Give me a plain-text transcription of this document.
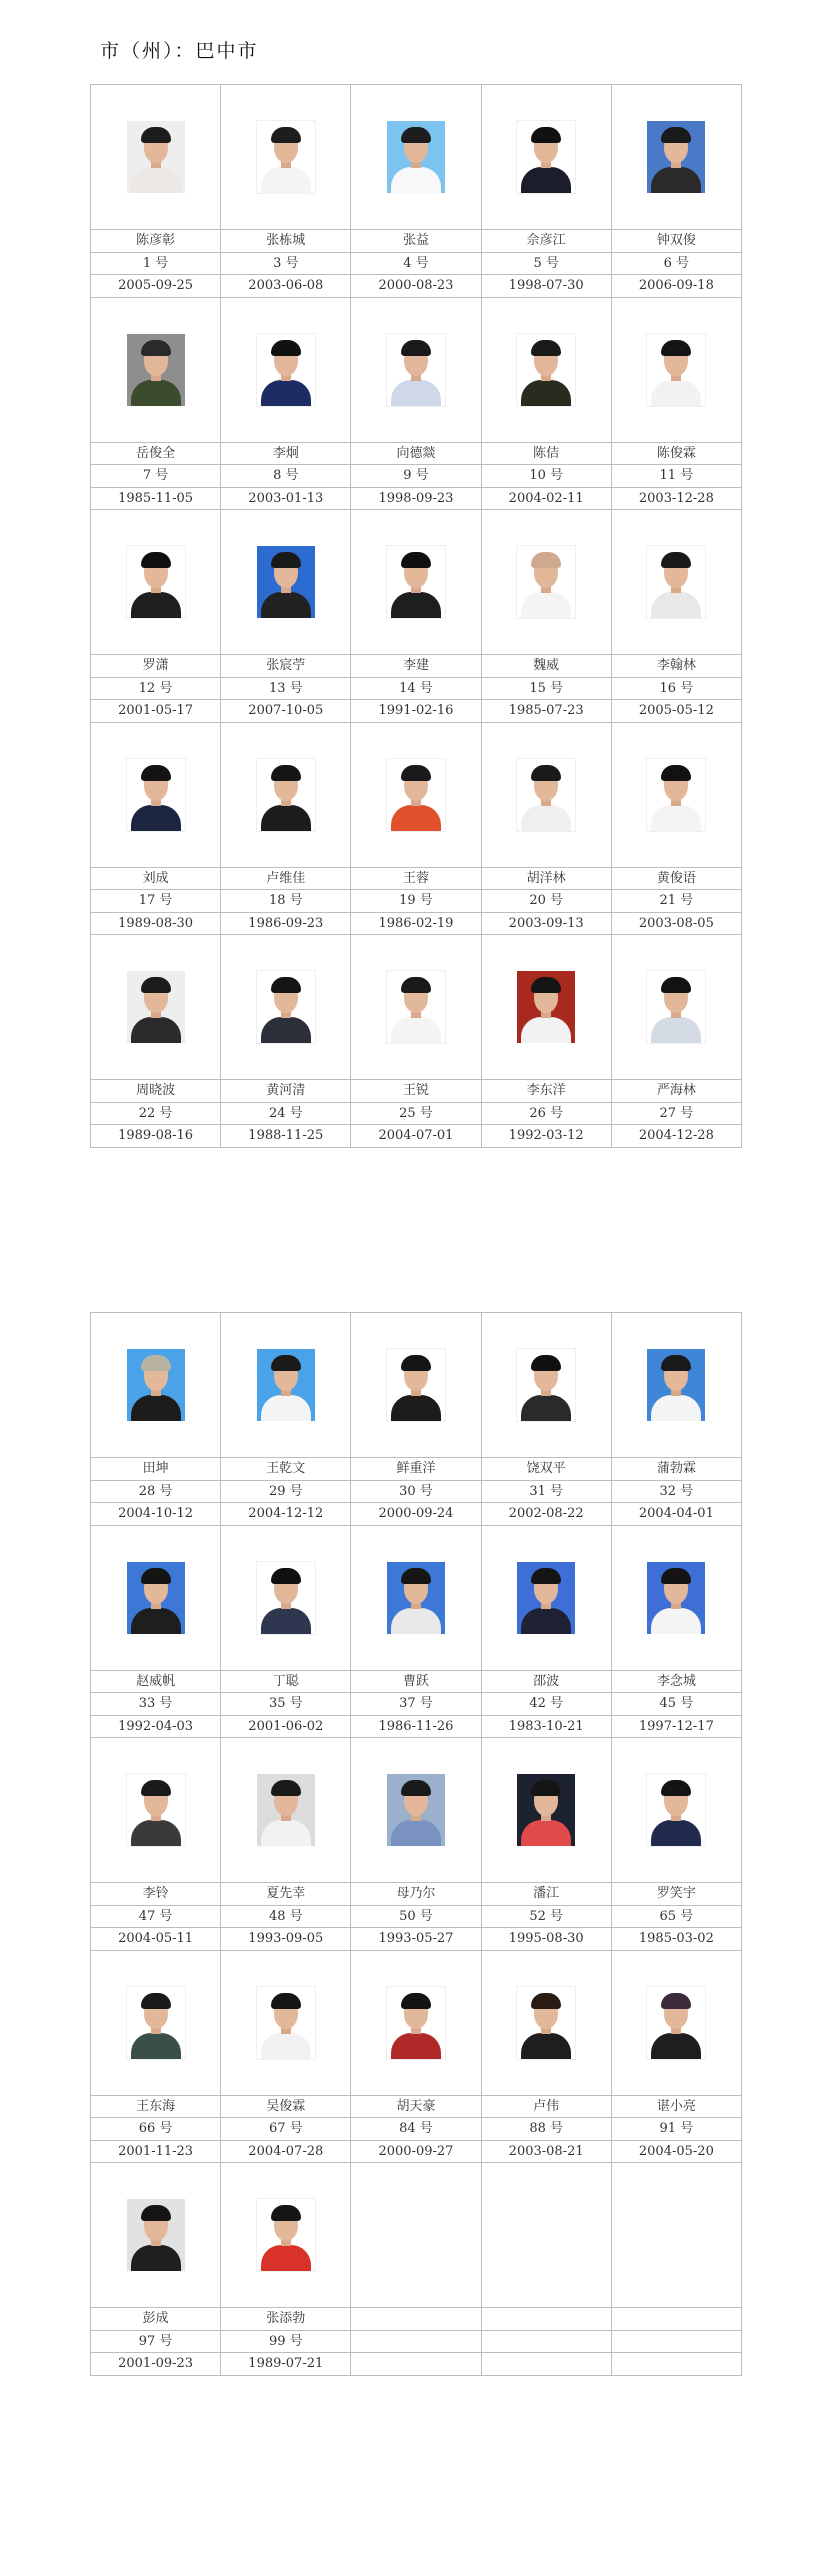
市（州）：巴中市

陈彦彰	张栋城	张益	佘彦江	钟双俊
1 号	3 号	4 号	5 号	6 号
2005-09-25	2003-06-08	2000-08-23	1998-07-30	2006-09-18

岳俊全	李炯	向德燚	陈佶	陈俊霖
7 号	8 号	9 号	10 号	11 号
1985-11-05	2003-01-13	1998-09-23	2004-02-11	2003-12-28

罗潇	张宸苧	李建	魏威	李翰林
12 号	13 号	14 号	15 号	16 号
2001-05-17	2007-10-05	1991-02-16	1985-07-23	2005-05-12

刘成	卢维佳	王蓉	胡洋林	黄俊语
17 号	18 号	19 号	20 号	21 号
1989-08-30	1986-09-23	1986-02-19	2003-09-13	2003-08-05

周晓波	黄河清	王锐	李东洋	严海林
22 号	24 号	25 号	26 号	27 号
1989-08-16	1988-11-25	2004-07-01	1992-03-12	2004-12-28

田坤	王乾文	鲜重洋	饶双平	蒲勃霖
28 号	29 号	30 号	31 号	32 号
2004-10-12	2004-12-12	2000-09-24	2002-08-22	2004-04-01

赵威帆	丁聪	曹跃	邵波	李念城
33 号	35 号	37 号	42 号	45 号
1992-04-03	2001-06-02	1986-11-26	1983-10-21	1997-12-17

李铃	夏先幸	母乃尔	潘江	罗笑宇
47 号	48 号	50 号	52 号	65 号
2004-05-11	1993-09-05	1993-05-27	1995-08-30	1985-03-02

王东海	吴俊霖	胡天豪	卢伟	谌小亮
66 号	67 号	84 号	88 号	91 号
2001-11-23	2004-07-28	2000-09-27	2003-08-21	2004-05-20

彭成	张添勃			
97 号	99 号			
2001-09-23	1989-07-21			
